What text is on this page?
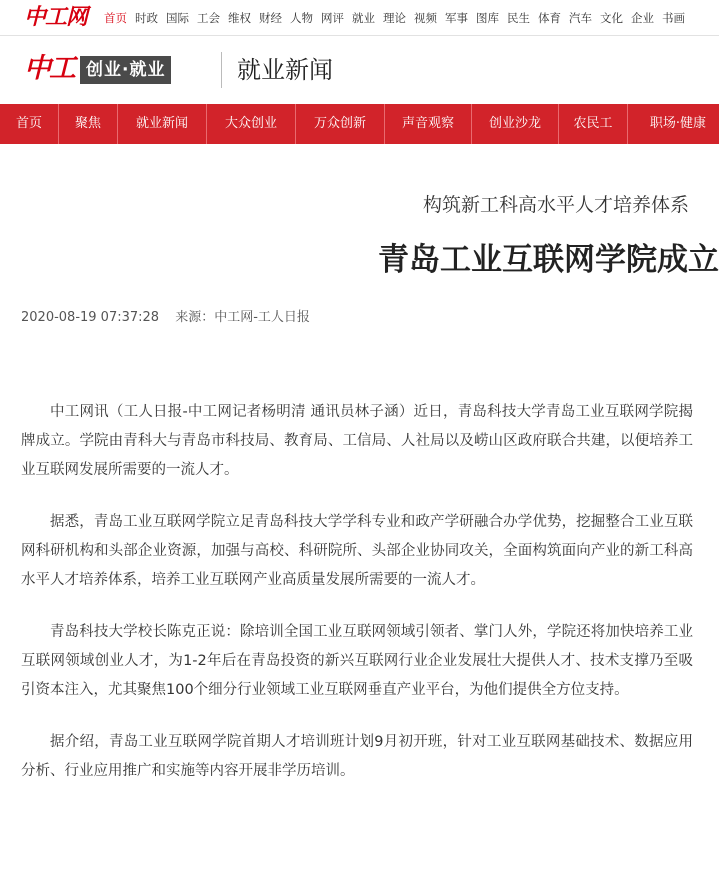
中工网 首页 时政 国际 工会 维权 财经 人物 网评 就业 理论 视频 军事 图库 民生 体育 汽车 文化 企业 书画
中工 创业·就业	就业新闻
首页	聚焦	就业新闻	大众创业	万众创新	声音观察	创业沙龙	农民工	职场·健康
构筑新工科高水平人才培养体系
青岛工业互联网学院成立
2020-08-19 07:37:28 来源：中工网-工人日报

中工网讯（工人日报-中工网记者杨明清 通讯员林子涵）近日，青岛科技大学青岛工业互联网学院揭牌成立。学院由青科大与青岛市科技局、教育局、工信局、人社局以及崂山区政府联合共建，以便培养工业互联网发展所需要的一流人才。

据悉，青岛工业互联网学院立足青岛科技大学学科专业和政产学研融合办学优势，挖掘整合工业互联网科研机构和头部企业资源，加强与高校、科研院所、头部企业协同攻关，全面构筑面向产业的新工科高水平人才培养体系，培养工业互联网产业高质量发展所需要的一流人才。

青岛科技大学校长陈克正说：除培训全国工业互联网领域引领者、掌门人外，学院还将加快培养工业互联网领域创业人才，为1-2年后在青岛投资的新兴互联网行业企业发展壮大提供人才、技术支撑乃至吸引资本注入，尤其聚焦100个细分行业领域工业互联网垂直产业平台，为他们提供全方位支持。

据介绍，青岛工业互联网学院首期人才培训班计划9月初开班，针对工业互联网基础技术、数据应用分析、行业应用推广和实施等内容开展非学历培训。
